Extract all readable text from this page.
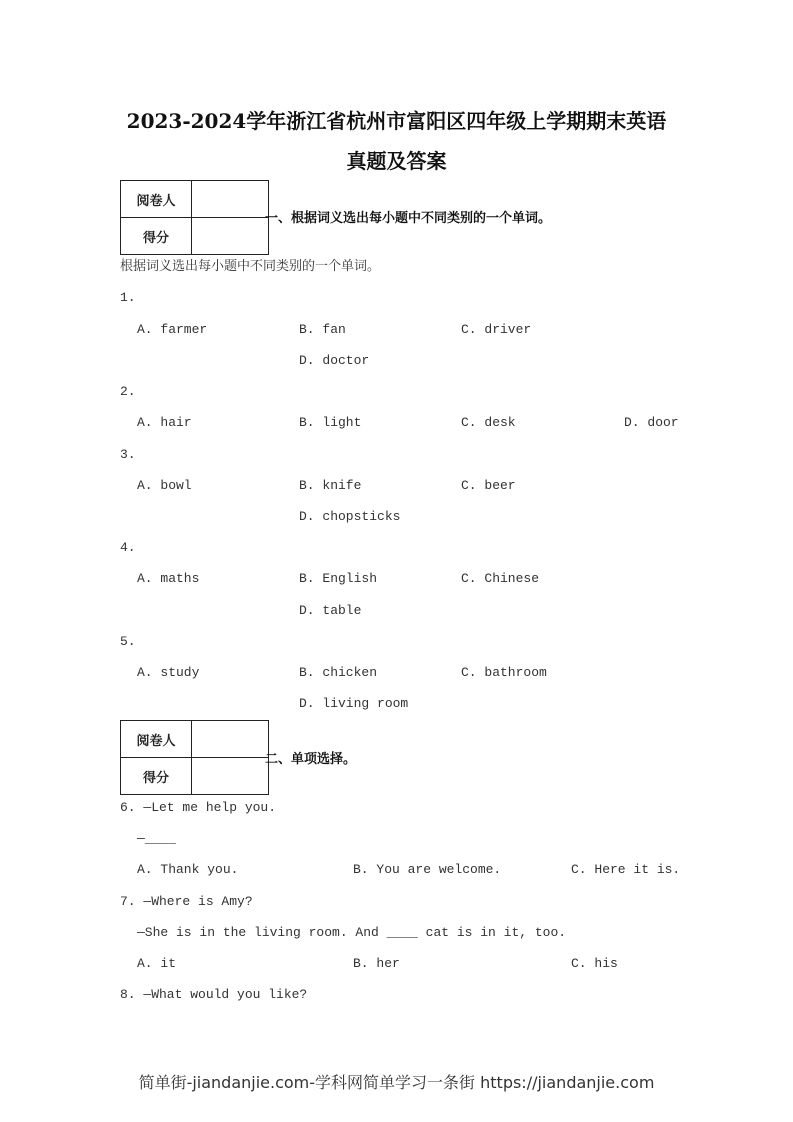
2023-2024学年浙江省杭州市富阳区四年级上学期期末英语
真题及答案
阅卷人	
得分	
一、根据词义选出每小题中不同类别的一个单词。
根据词义选出每小题中不同类别的一个单词。
1.
A. farmer	B. fan	C. driver
D. doctor
2.
A. hair	B. light	C. desk	D. door
3.
A. bowl	B. knife	C. beer
D. chopsticks
4.
A. maths	B. English	C. Chinese
D. table
5.
A. study	B. chicken	C. bathroom
D. living room
阅卷人	
得分	
二、单项选择。
6. —Let me help you.
—____
A. Thank you.	B. You are welcome.	C. Here it is.
7. —Where is Amy?
—She is in the living room. And ____ cat is in it, too.
A. it	B. her	C. his
8. —What would you like?
简单街-jiandanjie.com-学科网简单学习一条街 https://jiandanjie.com
